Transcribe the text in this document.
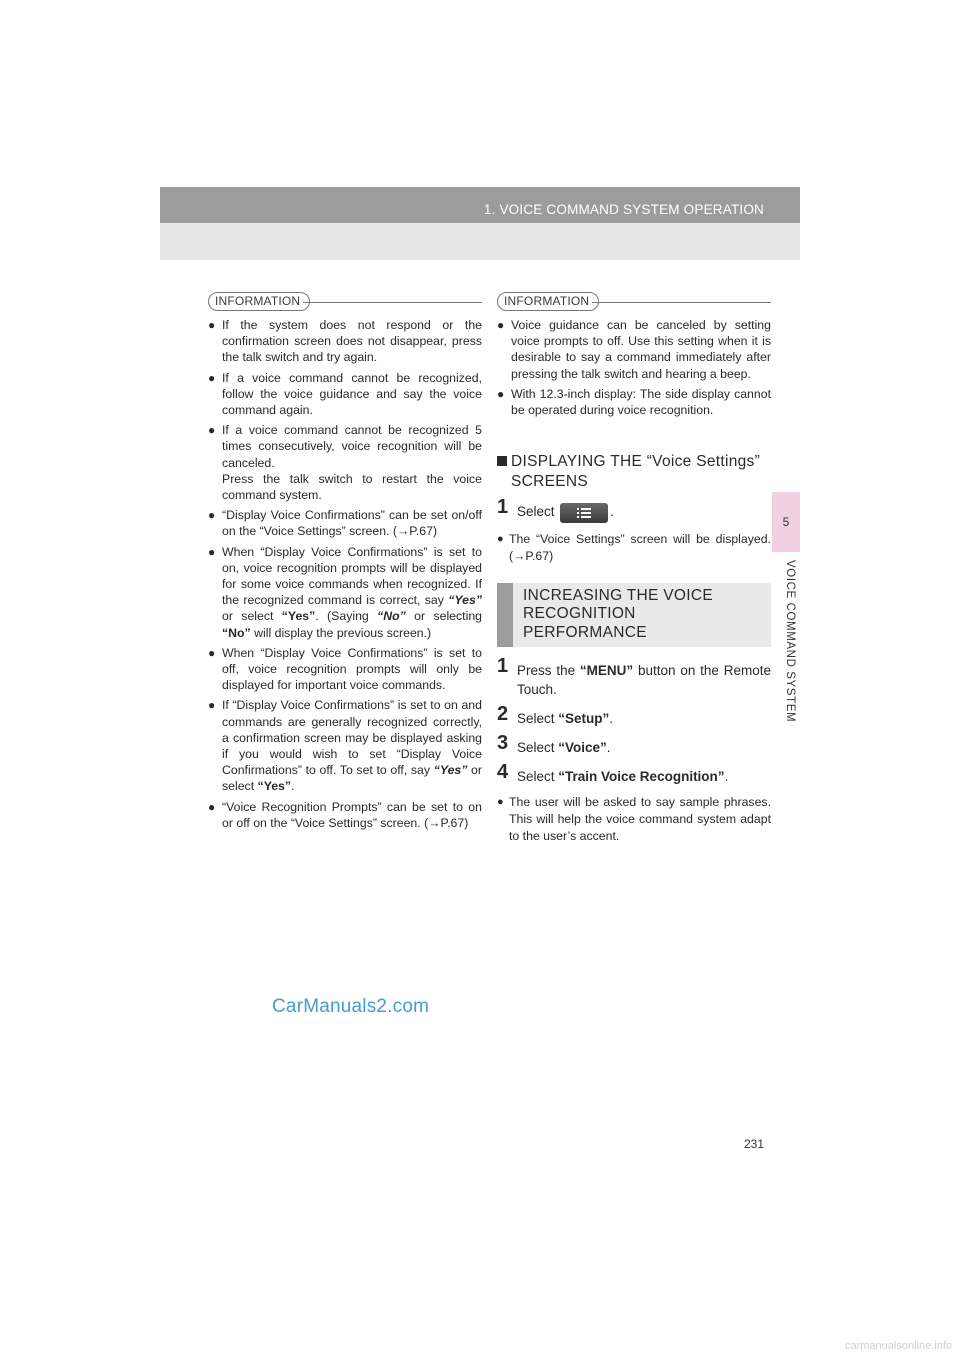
1. VOICE COMMAND SYSTEM OPERATION
5
VOICE COMMAND SYSTEM
INFORMATION

● If the system does not respond or the confirmation screen does not disappear, press the talk switch and try again.

● If a voice command cannot be recognized, follow the voice guidance and say the voice command again.

● If a voice command cannot be recognized 5 times consecutively, voice recognition will be canceled.

Press the talk switch to restart the voice command system.

● “Display Voice Confirmations” can be set on/off on the “Voice Settings” screen. (→P.67)

● When “Display Voice Confirmations” is set to on, voice recognition prompts will be displayed for some voice commands when recognized. If the recognized command is correct, say “Yes” or select “Yes”. (Saying “No” or selecting “No” will display the previous screen.)

● When “Display Voice Confirmations” is set to off, voice recognition prompts will only be displayed for important voice commands.

● If “Display Voice Confirmations” is set to on and commands are generally recognized correctly, a confirmation screen may be displayed asking if you would wish to set “Display Voice Confirmations” to off. To set to off, say “Yes” or select “Yes”.

● “Voice Recognition Prompts” can be set to on or off on the “Voice Settings” screen. (→P.67)

INFORMATION

● Voice guidance can be canceled by setting voice prompts to off. Use this setting when it is desirable to say a command immediately after pressing the talk switch and hearing a beep.

● With 12.3-inch display: The side display cannot be operated during voice recognition.

DISPLAYING THE “Voice Settings” SCREENS
1 Select	.
● The “Voice Settings” screen will be displayed. (→P.67)
INCREASING THE VOICE RECOGNITION PERFORMANCE
1 Press the “MENU” button on the Remote Touch.
2 Select “Setup”.
3 Select “Voice”.
4 Select “Train Voice Recognition”.
● The user will be asked to say sample phrases. This will help the voice command system adapt to the user’s accent.
CarManuals2.com
231
carmanualsonline.info
